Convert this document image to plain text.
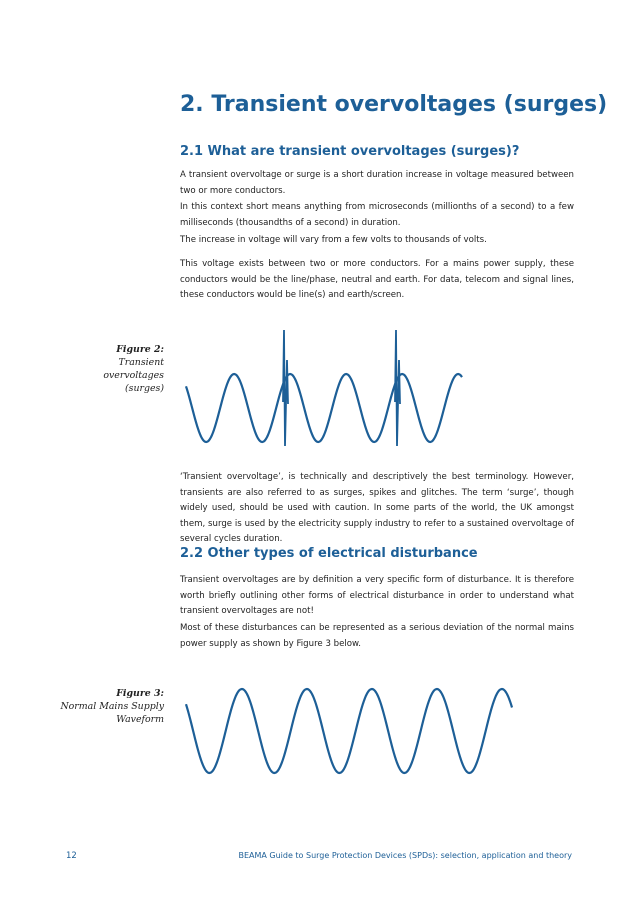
2. Transient overvoltages (surges)
2.1 What are transient overvoltages (surges)?
A transient overvoltage or surge is a short duration increase in voltage measured between two or more conductors.
In this context short means anything from microseconds (millionths of a second) to a few milliseconds (thousandths of a second) in duration.
The increase in voltage will vary from a few volts to thousands of volts.
This voltage exists between two or more conductors. For a mains power supply, these conductors would be the line/phase, neutral and earth. For data, telecom and signal lines, these conductors would be line(s) and earth/screen.
Figure 2:
Transient
overvoltages
(surges)
‘Transient overvoltage’, is technically and descriptively the best terminology. However, transients are also referred to as surges, spikes and glitches. The term ‘surge’, though widely used, should be used with caution. In some parts of the world, the UK amongst them, surge is used by the electricity supply industry to refer to a sustained overvoltage of several cycles duration.
2.2 Other types of electrical disturbance
Transient overvoltages are by definition a very specific form of disturbance. It is therefore worth briefly outlining other forms of electrical disturbance in order to understand what transient overvoltages are not!
Most of these disturbances can be represented as a serious deviation of the normal mains power supply as shown by Figure 3 below.
Figure 3:
Normal Mains Supply
Waveform
12	BEAMA Guide to Surge Protection Devices (SPDs): selection, application and theory
